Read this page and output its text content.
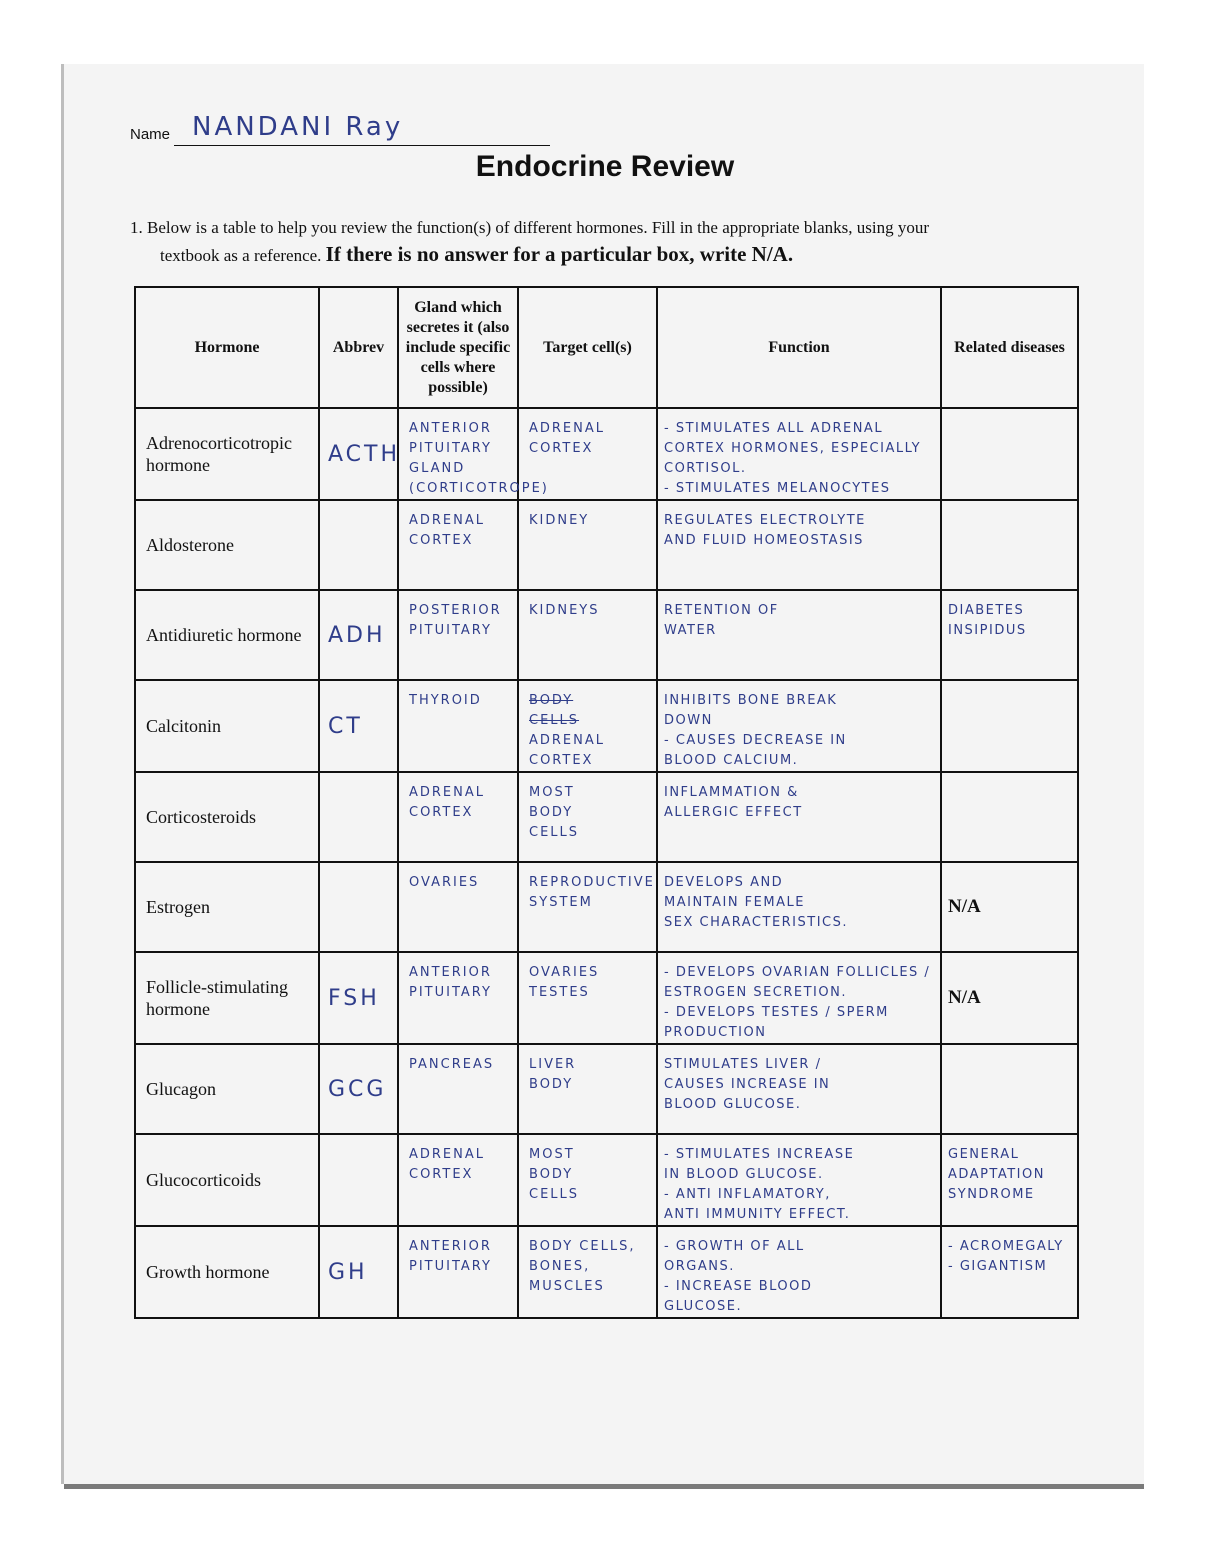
Name NANDANI Ray
Endocrine Review
1. Below is a table to help you review the function(s) of different hormones. Fill in the appropriate blanks, using your
textbook as a reference. If there is no answer for a particular box, write N/A.
Hormone	Abbrev	Gland which secretes it (also include specific cells where possible)	Target cell(s)	Function	Related diseases
Adrenocorticotropic hormone	ACTH	ANTERIOR
PITUITARY
GLAND
(CORTICOTROPE)	ADRENAL
CORTEX	- STIMULATES ALL ADRENAL CORTEX HORMONES, ESPECIALLY CORTISOL.
- STIMULATES MELANOCYTES	

Aldosterone		ADRENAL
CORTEX	KIDNEY	REGULATES ELECTROLYTE
AND FLUID HOMEOSTASIS	

Antidiuretic hormone	ADH	POSTERIOR
PITUITARY	KIDNEYS	RETENTION OF
WATER	DIABETES
INSIPIDUS

Calcitonin	CT	THYROID	BODY
CELLS
ADRENAL
CORTEX	INHIBITS BONE BREAK
DOWN
- CAUSES DECREASE IN
BLOOD CALCIUM.	

Corticosteroids		ADRENAL
CORTEX	MOST
BODY
CELLS	INFLAMMATION &
ALLERGIC EFFECT	

Estrogen		OVARIES	REPRODUCTIVE
SYSTEM	DEVELOPS AND
MAINTAIN FEMALE
SEX CHARACTERISTICS.	N/A
Follicle-stimulating hormone	FSH	ANTERIOR
PITUITARY	OVARIES
TESTES	- DEVELOPS OVARIAN FOLLICLES / ESTROGEN SECRETION.
- DEVELOPS TESTES / SPERM PRODUCTION	N/A
Glucagon	GCG	PANCREAS	LIVER
BODY	STIMULATES LIVER /
CAUSES INCREASE IN
BLOOD GLUCOSE.	

Glucocorticoids		ADRENAL
CORTEX	MOST
BODY
CELLS	- STIMULATES INCREASE
IN BLOOD GLUCOSE.
- ANTI INFLAMATORY,
ANTI IMMUNITY EFFECT.	GENERAL
ADAPTATION
SYNDROME

Growth hormone	GH	ANTERIOR
PITUITARY	BODY CELLS,
BONES,
MUSCLES	- GROWTH OF ALL
ORGANS.
- INCREASE BLOOD
GLUCOSE.	- ACROMEGALY
- GIGANTISM
